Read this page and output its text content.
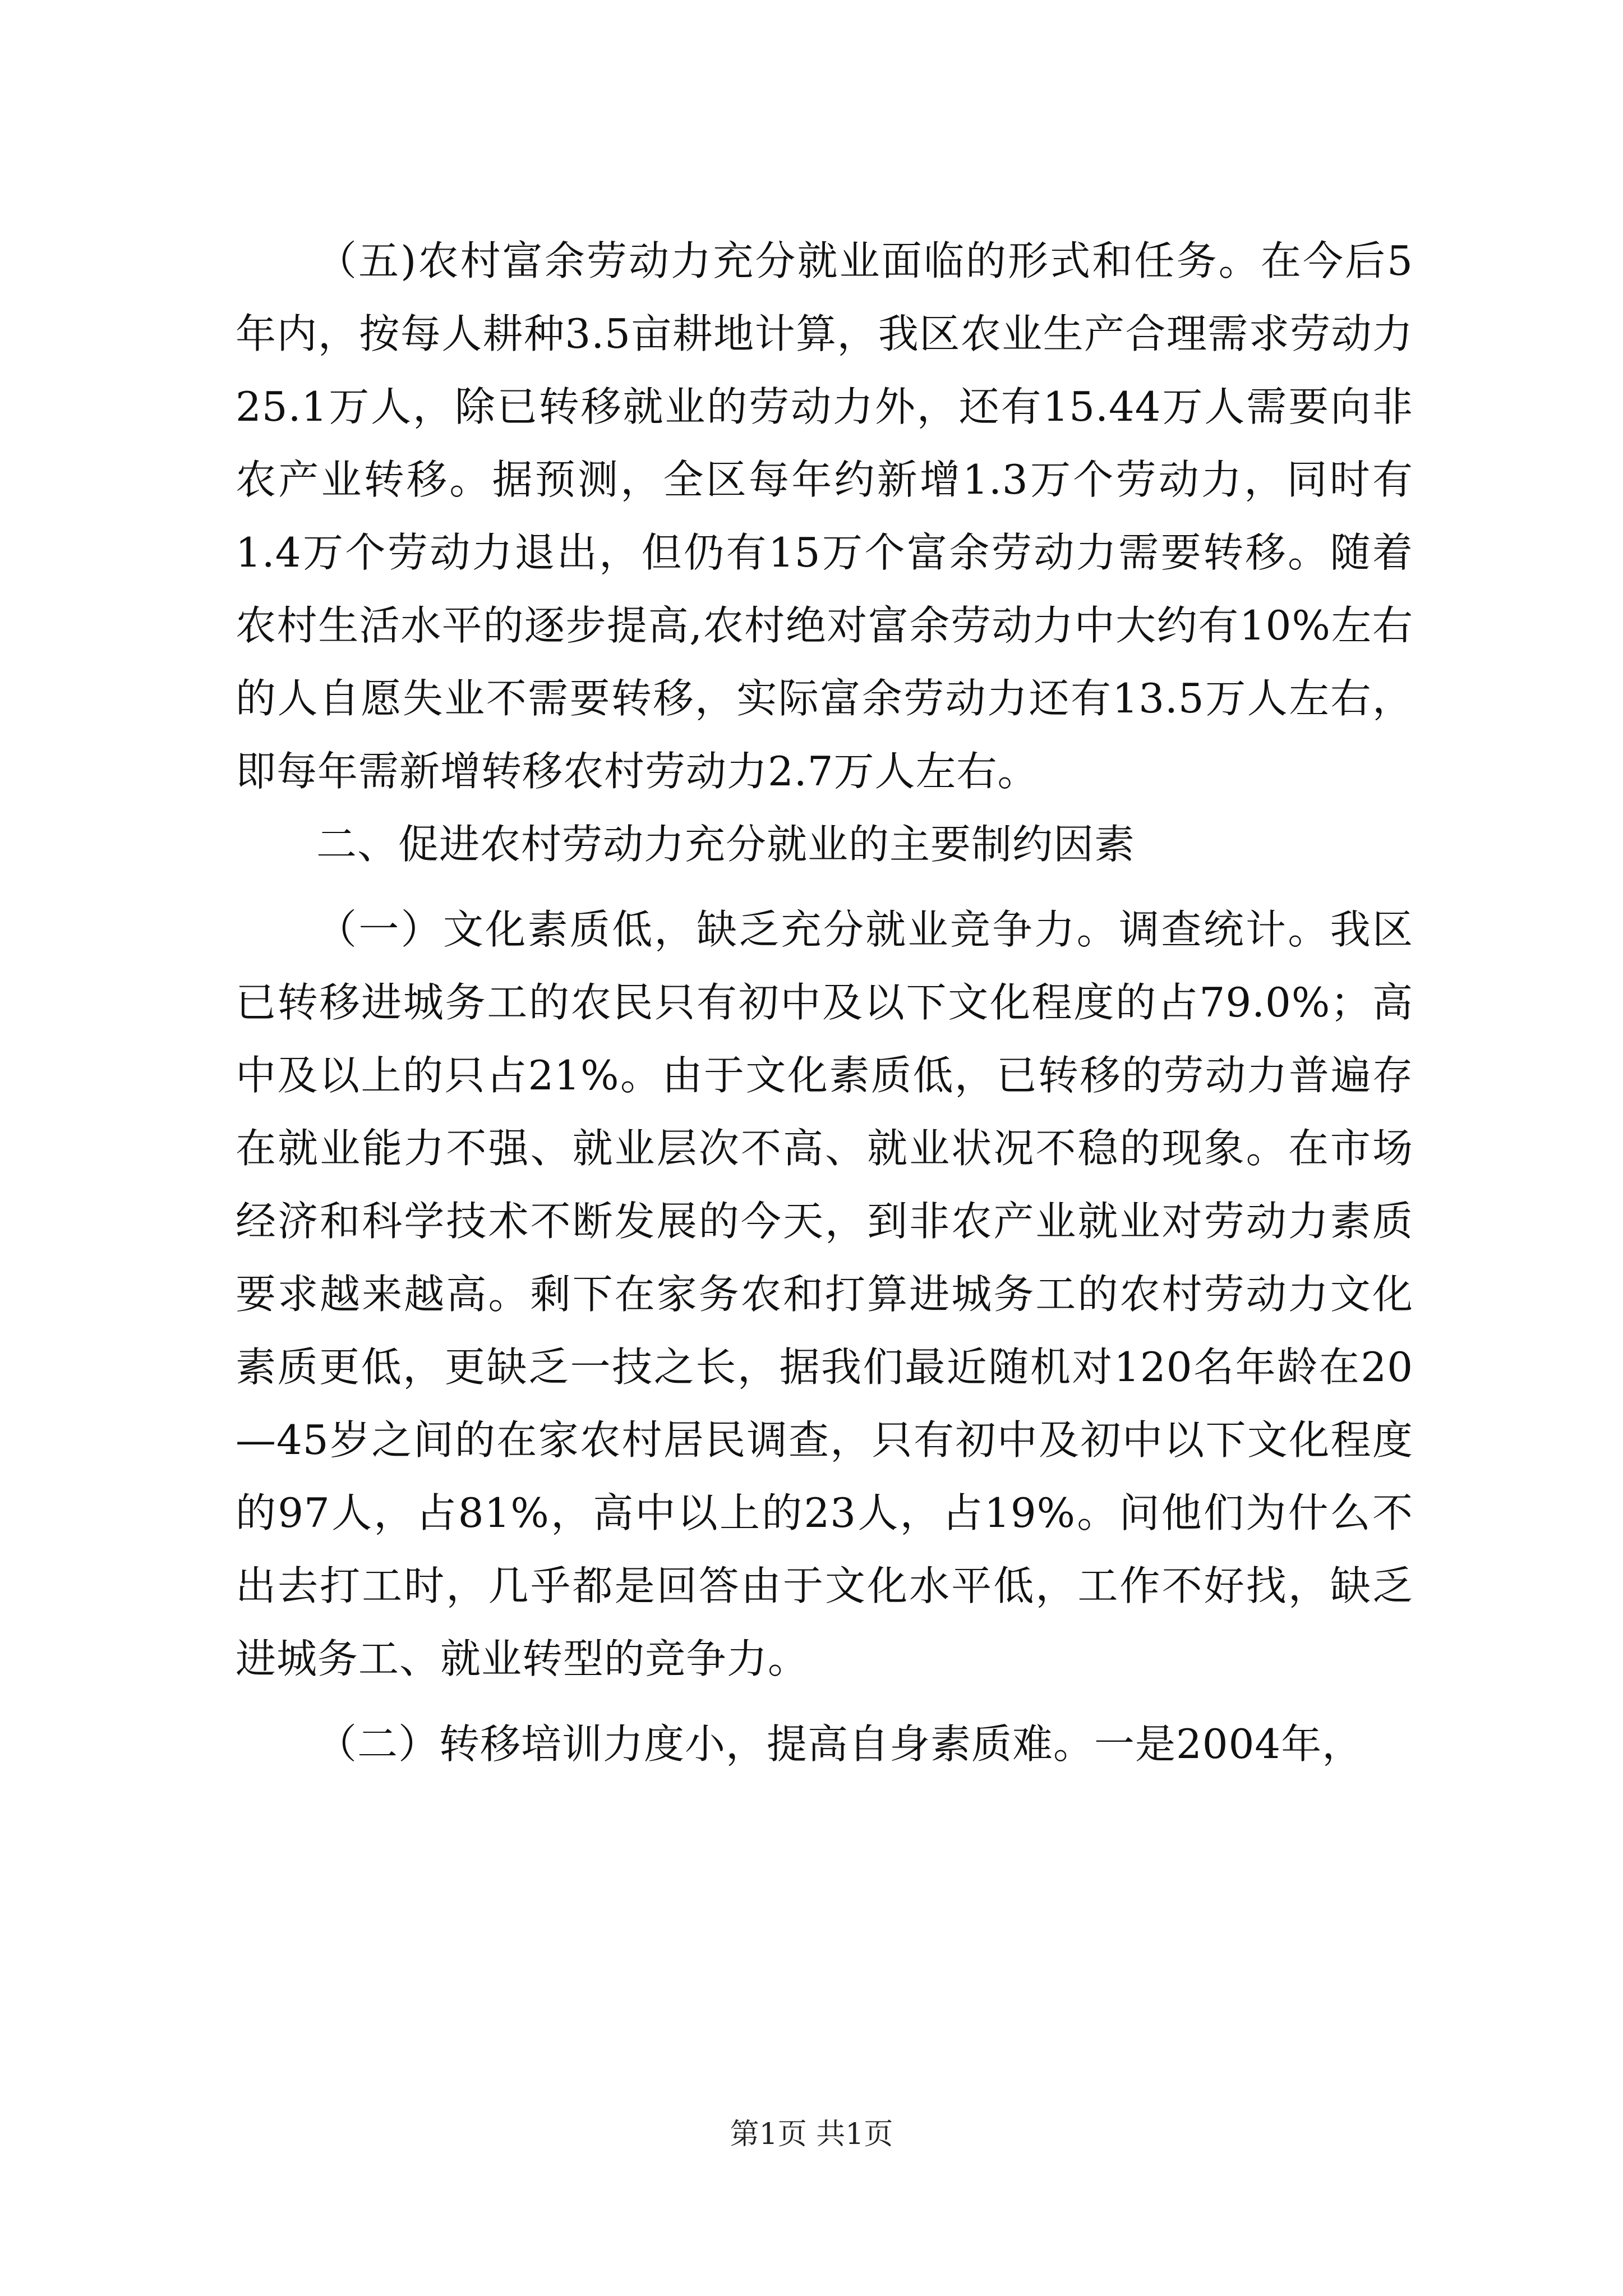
（五)农村富余劳动力充分就业面临的形式和任务。在今后5年内，按每人耕种3.5亩耕地计算，我区农业生产合理需求劳动力25.1万人，除已转移就业的劳动力外，还有15.44万人需要向非农产业转移。据预测，全区每年约新增1.3万个劳动力，同时有1.4万个劳动力退出，但仍有15万个富余劳动力需要转移。随着农村生活水平的逐步提高,农村绝对富余劳动力中大约有10%左右的人自愿失业不需要转移，实际富余劳动力还有13.5万人左右，即每年需新增转移农村劳动力2.7万人左右。

二、促进农村劳动力充分就业的主要制约因素

（一）文化素质低，缺乏充分就业竞争力。调查统计。我区已转移进城务工的农民只有初中及以下文化程度的占79.0%；高中及以上的只占21%。由于文化素质低，已转移的劳动力普遍存在就业能力不强、就业层次不高、就业状况不稳的现象。在市场经济和科学技术不断发展的今天，到非农产业就业对劳动力素质要求越来越高。剩下在家务农和打算进城务工的农村劳动力文化素质更低，更缺乏一技之长，据我们最近随机对120名年龄在20—45岁之间的在家农村居民调查，只有初中及初中以下文化程度的97人，占81%，高中以上的23人，占19%。问他们为什么不出去打工时，几乎都是回答由于文化水平低，工作不好找，缺乏进城务工、就业转型的竞争力。

（二）转移培训力度小，提高自身素质难。一是2004年，

第1页 共1页
